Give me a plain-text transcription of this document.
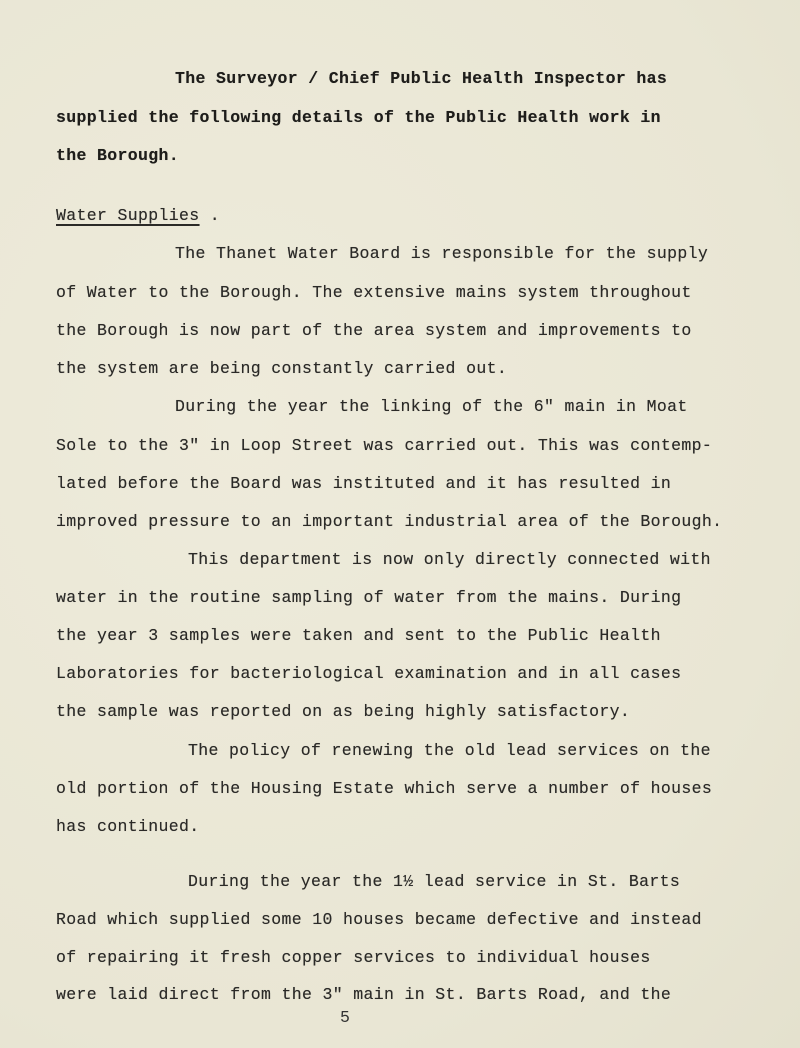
The Surveyor / Chief Public Health Inspector has
supplied the following details of the Public Health work in
the Borough.
Water Supplies .
The Thanet Water Board is responsible for the supply
of Water to the Borough. The extensive mains system throughout
the Borough is now part of the area system and improvements to
the system are being constantly carried out.
During the year the linking of the 6" main in Moat
Sole to the 3" in Loop Street was carried out. This was contemp-
lated before the Board was instituted and it has resulted in
improved pressure to an important industrial area of the Borough.
This department is now only directly connected with
water in the routine sampling of water from the mains. During
the year 3 samples were taken and sent to the Public Health
Laboratories for bacteriological examination and in all cases
the sample was reported on as being highly satisfactory.
The policy of renewing the old lead services on the
old portion of the Housing Estate which serve a number of houses
has continued.
During the year the 1½ lead service in St. Barts
Road which supplied some 10 houses became defective and instead
of repairing it fresh copper services to individual houses
were laid direct from the 3" main in St. Barts Road, and the
5
